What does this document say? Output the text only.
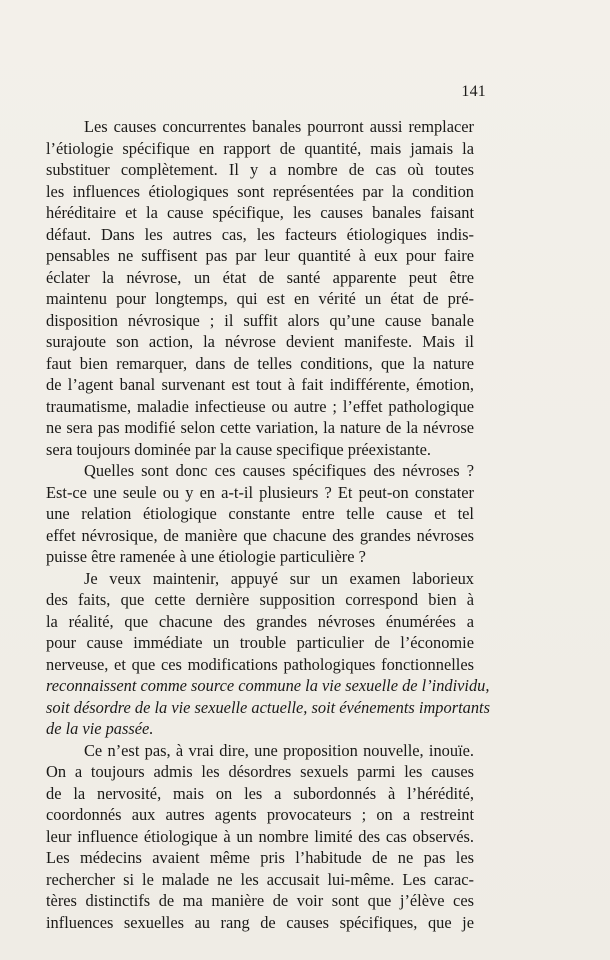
141
Les causes concurrentes banales pourront aussi remplacer
l’étiologie spécifique en rapport de quantité, mais jamais la
substituer complètement. Il y a nombre de cas où toutes
les influences étiologiques sont représentées par la condition
héréditaire et la cause spécifique, les causes banales faisant
défaut. Dans les autres cas, les facteurs étiologiques indis-
pensables ne suffisent pas par leur quantité à eux pour faire
éclater la névrose, un état de santé apparente peut être
maintenu pour longtemps, qui est en vérité un état de pré-
disposition névrosique ; il suffit alors qu’une cause banale
surajoute son action, la névrose devient manifeste. Mais il
faut bien remarquer, dans de telles conditions, que la nature
de l’agent banal survenant est tout à fait indifférente, émotion,
traumatisme, maladie infectieuse ou autre ; l’effet pathologique
ne sera pas modifié selon cette variation, la nature de la névrose
sera toujours dominée par la cause specifique préexistante.
Quelles sont donc ces causes spécifiques des névroses ?
Est-ce une seule ou y en a-t-il plusieurs ? Et peut-on constater
une relation étiologique constante entre telle cause et tel
effet névrosique, de manière que chacune des grandes névroses
puisse être ramenée à une étiologie particulière ?
Je veux maintenir, appuyé sur un examen laborieux
des faits, que cette dernière supposition correspond bien à
la réalité, que chacune des grandes névroses énumérées a
pour cause immédiate un trouble particulier de l’économie
nerveuse, et que ces modifications pathologiques fonctionnelles
reconnaissent comme source commune la vie sexuelle de l’individu,
soit désordre de la vie sexuelle actuelle, soit événements importants
de la vie passée.
Ce n’est pas, à vrai dire, une proposition nouvelle, inouïe.
On a toujours admis les désordres sexuels parmi les causes
de la nervosité, mais on les a subordonnés à l’hérédité,
coordonnés aux autres agents provocateurs ; on a restreint
leur influence étiologique à un nombre limité des cas observés.
Les médecins avaient même pris l’habitude de ne pas les
rechercher si le malade ne les accusait lui-même. Les carac-
tères distinctifs de ma manière de voir sont que j’élève ces
influences sexuelles au rang de causes spécifiques, que je
